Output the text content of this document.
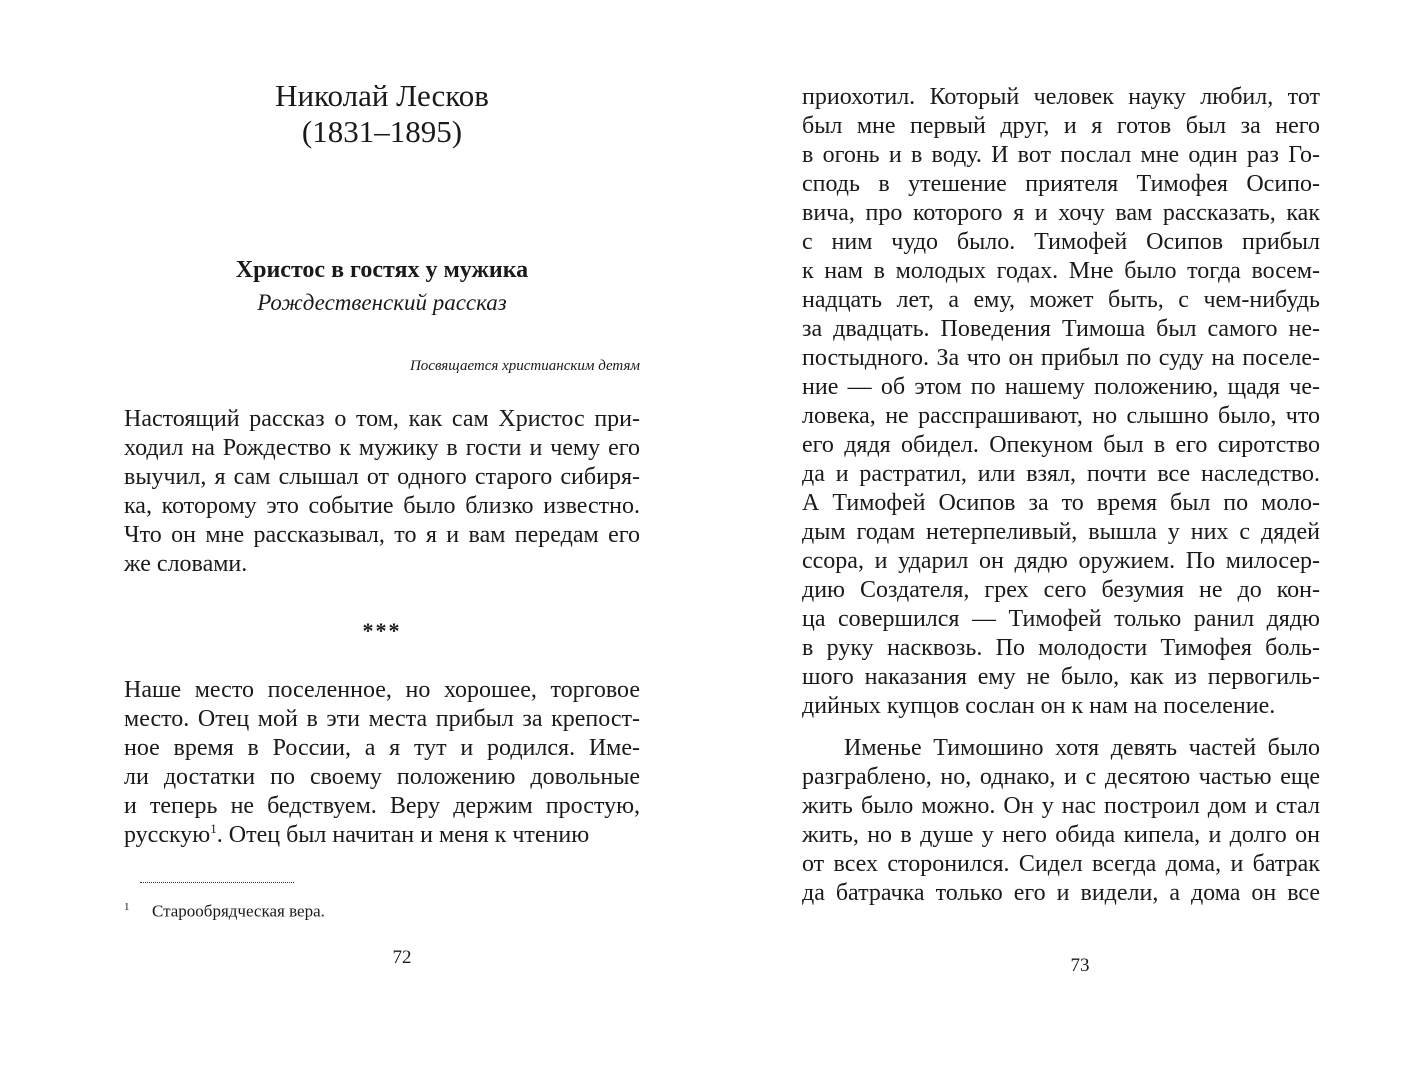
Николай Лесков
(1831–1895)
Христос в гостях у мужика
Рождественский рассказ
Посвящается христианским детям
Настоящий рассказ о том, как сам Христос при-
ходил на Рождество к мужику в гости и чему его
выучил, я сам слышал от одного старого сибиря-
ка, которому это событие было близко известно.
Что он мне рассказывал, то я и вам передам его
же словами.
***
Наше место поселенное, но хорошее, торговое
место. Отец мой в эти места прибыл за крепост-
ное время в России, а я тут и родился. Име-
ли достатки по своему положению довольные
и теперь не бедствуем. Веру держим простую,
русскую$^1$. Отец был начитан и меня к чтению
1 Старообрядческая вера.
72
приохотил. Который человек науку любил, тот
был мне первый друг, и я готов был за него
в огонь и в воду. И вот послал мне один раз Го-
сподь в утешение приятеля Тимофея Осипо-
вича, про которого я и хочу вам рассказать, как
с ним чудо было. Тимофей Осипов прибыл
к нам в молодых годах. Мне было тогда восем-
надцать лет, а ему, может быть, с чем-нибудь
за двадцать. Поведения Тимоша был самого не-
постыдного. За что он прибыл по суду на поселе-
ние — об этом по нашему положению, щадя че-
ловека, не расспрашивают, но слышно было, что
его дядя обидел. Опекуном был в его сиротство
да и растратил, или взял, почти все наследство.
А Тимофей Осипов за то время был по моло-
дым годам нетерпеливый, вышла у них с дядей
ссора, и ударил он дядю оружием. По милосер-
дию Создателя, грех сего безумия не до кон-
ца совершился — Тимофей только ранил дядю
в руку насквозь. По молодости Тимофея боль-
шого наказания ему не было, как из первогиль-
дийных купцов сослан он к нам на поселение.
Именье Тимошино хотя девять частей было
разграблено, но, однако, и с десятою частью еще
жить было можно. Он у нас построил дом и стал
жить, но в душе у него обида кипела, и долго он
от всех сторонился. Сидел всегда дома, и батрак
да батрачка только его и видели, а дома он все
73
